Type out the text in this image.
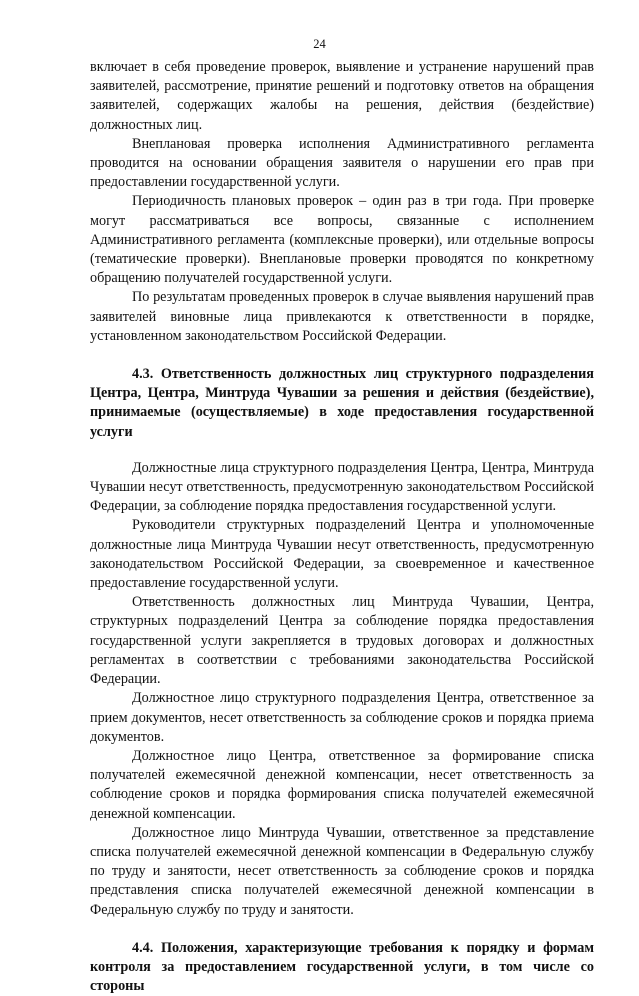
24

включает в себя проведение проверок, выявление и устранение нарушений прав заявителей, рассмотрение, принятие решений и подготовку ответов на обращения заявителей, содержащих жалобы на решения, действия (бездействие) должностных лиц.

Внеплановая проверка исполнения Административного регламента проводится на основании обращения заявителя о нарушении его прав при предоставлении государственной услуги.

Периодичность плановых проверок – один раз в три года. При проверке могут рассматриваться все вопросы, связанные с исполнением Административного регламента (комплексные проверки), или отдельные вопросы (тематические проверки). Внеплановые проверки проводятся по конкретному обращению получателей государственной услуги.

По результатам проведенных проверок в случае выявления нарушений прав заявителей виновные лица привлекаются к ответственности в порядке, установленном законодательством Российской Федерации.

4.3. Ответственность должностных лиц структурного подразделения Центра, Центра, Минтруда Чувашии за решения и действия (бездействие), принимаемые (осуществляемые) в ходе предоставления государственной услуги

Должностные лица структурного подразделения Центра, Центра, Минтруда Чувашии несут ответственность, предусмотренную законодательством Российской Федерации, за соблюдение порядка предоставления государственной услуги.

Руководители структурных подразделений Центра и уполномоченные должностные лица Минтруда Чувашии несут ответственность, предусмотренную законодательством Российской Федерации, за своевременное и качественное предоставление государственной услуги.

Ответственность должностных лиц Минтруда Чувашии, Центра, структурных подразделений Центра за соблюдение порядка предоставления государственной услуги закрепляется в трудовых договорах и должностных регламентах в соответствии с требованиями законодательства Российской Федерации.

Должностное лицо структурного подразделения Центра, ответственное за прием документов, несет ответственность за соблюдение сроков и порядка приема документов.

Должностное лицо Центра, ответственное за формирование списка получателей ежемесячной денежной компенсации, несет ответственность за соблюдение сроков и порядка формирования списка получателей ежемесячной денежной компенсации.

Должностное лицо Минтруда Чувашии, ответственное за представление списка получателей ежемесячной денежной компенсации в Федеральную службу по труду и занятости, несет ответственность за соблюдение сроков и порядка представления списка получателей ежемесячной денежной компенсации в Федеральную службу по труду и занятости.

4.4. Положения, характеризующие требования к порядку и формам контроля за предоставлением государственной услуги, в том числе со стороны
